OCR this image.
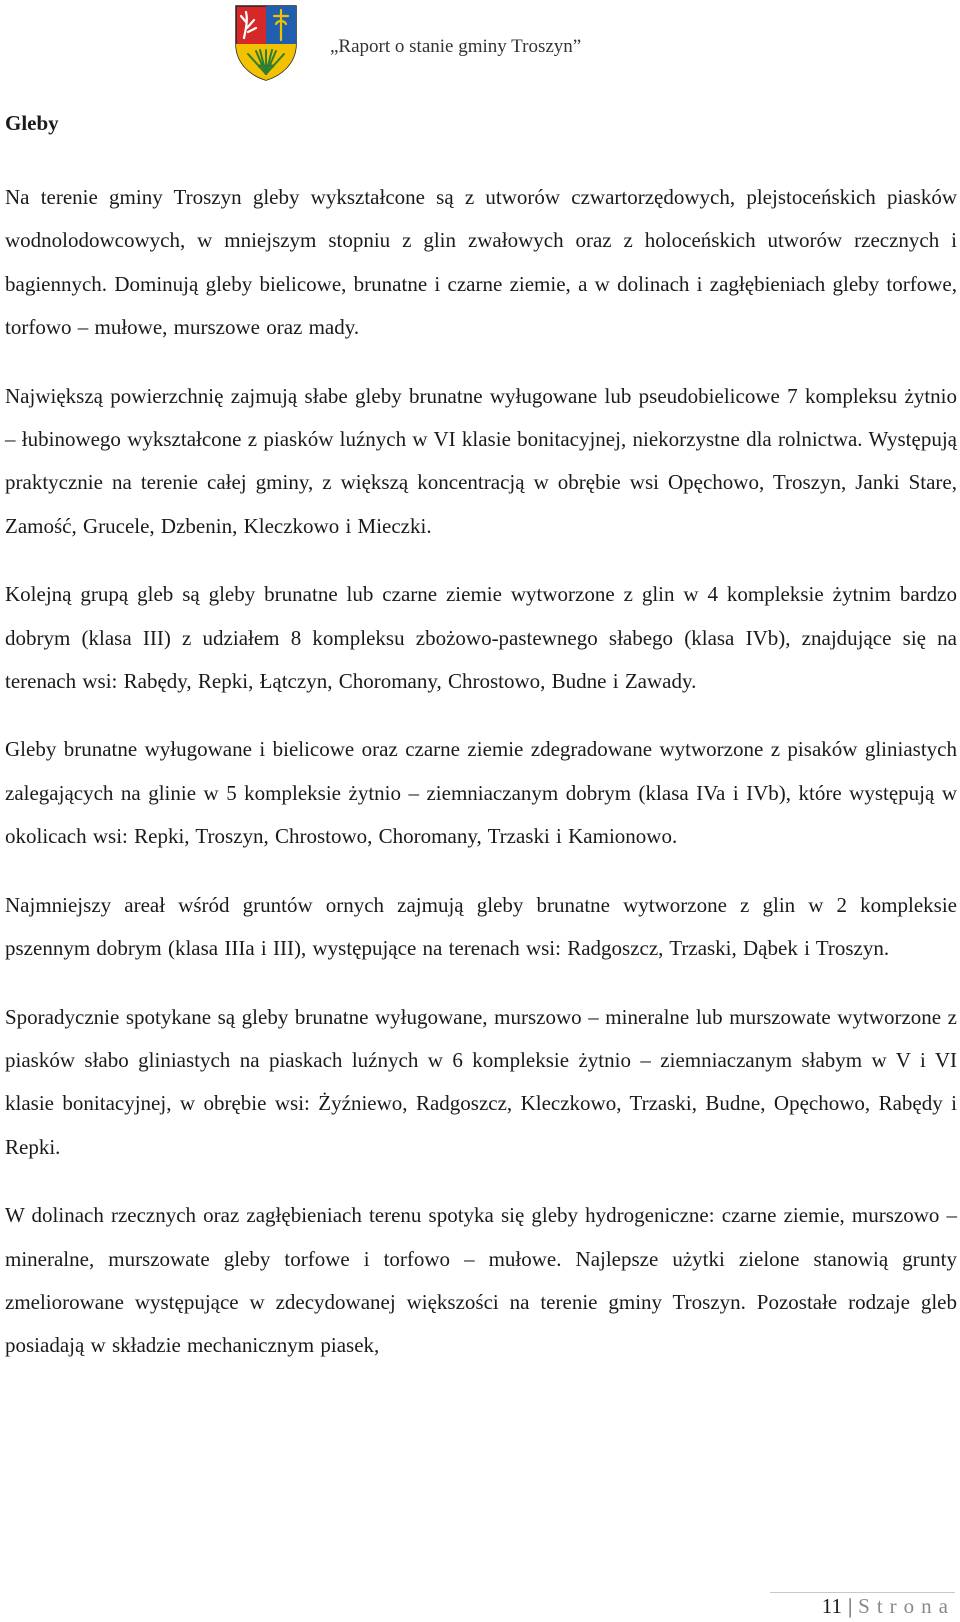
„Raport o stanie gminy Troszyn”
Gleby

Na terenie gminy Troszyn gleby wykształcone są z utworów czwartorzędowych, plejstoceńskich piasków wodnolodowcowych, w mniejszym stopniu z glin zwałowych oraz z holoceńskich utworów rzecznych i bagiennych. Dominują gleby bielicowe, brunatne i czarne ziemie, a w dolinach i zagłębieniach gleby torfowe, torfowo – mułowe, murszowe oraz mady.

Największą powierzchnię zajmują słabe gleby brunatne wyługowane lub pseudobielicowe 7 kompleksu żytnio – łubinowego wykształcone z piasków luźnych w VI klasie bonitacyjnej, niekorzystne dla rolnictwa. Występują praktycznie na terenie całej gminy, z większą koncentracją w obrębie wsi Opęchowo, Troszyn, Janki Stare, Zamość, Grucele, Dzbenin, Kleczkowo i Mieczki.

Kolejną grupą gleb są gleby brunatne lub czarne ziemie wytworzone z glin w 4 kompleksie żytnim bardzo dobrym (klasa III) z udziałem 8 kompleksu zbożowo-pastewnego słabego (klasa IVb), znajdujące się na terenach wsi: Rabędy, Repki, Łątczyn, Choromany, Chrostowo, Budne i Zawady.

Gleby brunatne wyługowane i bielicowe oraz czarne ziemie zdegradowane wytworzone z pisaków gliniastych zalegających na glinie w 5 kompleksie żytnio – ziemniaczanym dobrym (klasa IVa i IVb), które występują w okolicach wsi: Repki, Troszyn, Chrostowo, Choromany, Trzaski i Kamionowo.

Najmniejszy areał wśród gruntów ornych zajmują gleby brunatne wytworzone z glin w 2 kompleksie pszennym dobrym (klasa IIIa i III), występujące na terenach wsi: Radgoszcz, Trzaski, Dąbek i Troszyn.

Sporadycznie spotykane są gleby brunatne wyługowane, murszowo – mineralne lub murszowate wytworzone z piasków słabo gliniastych na piaskach luźnych w 6 kompleksie żytnio – ziemniaczanym słabym w V i VI klasie bonitacyjnej, w obrębie wsi: Żyźniewo, Radgoszcz, Kleczkowo, Trzaski, Budne, Opęchowo, Rabędy i Repki.

W dolinach rzecznych oraz zagłębieniach terenu spotyka się gleby hydrogeniczne: czarne ziemie, murszowo – mineralne, murszowate gleby torfowe i torfowo – mułowe. Najlepsze użytki zielone stanowią grunty zmeliorowane występujące w zdecydowanej większości na terenie gminy Troszyn. Pozostałe rodzaje gleb posiadają w składzie mechanicznym piasek,

11 | Strona
